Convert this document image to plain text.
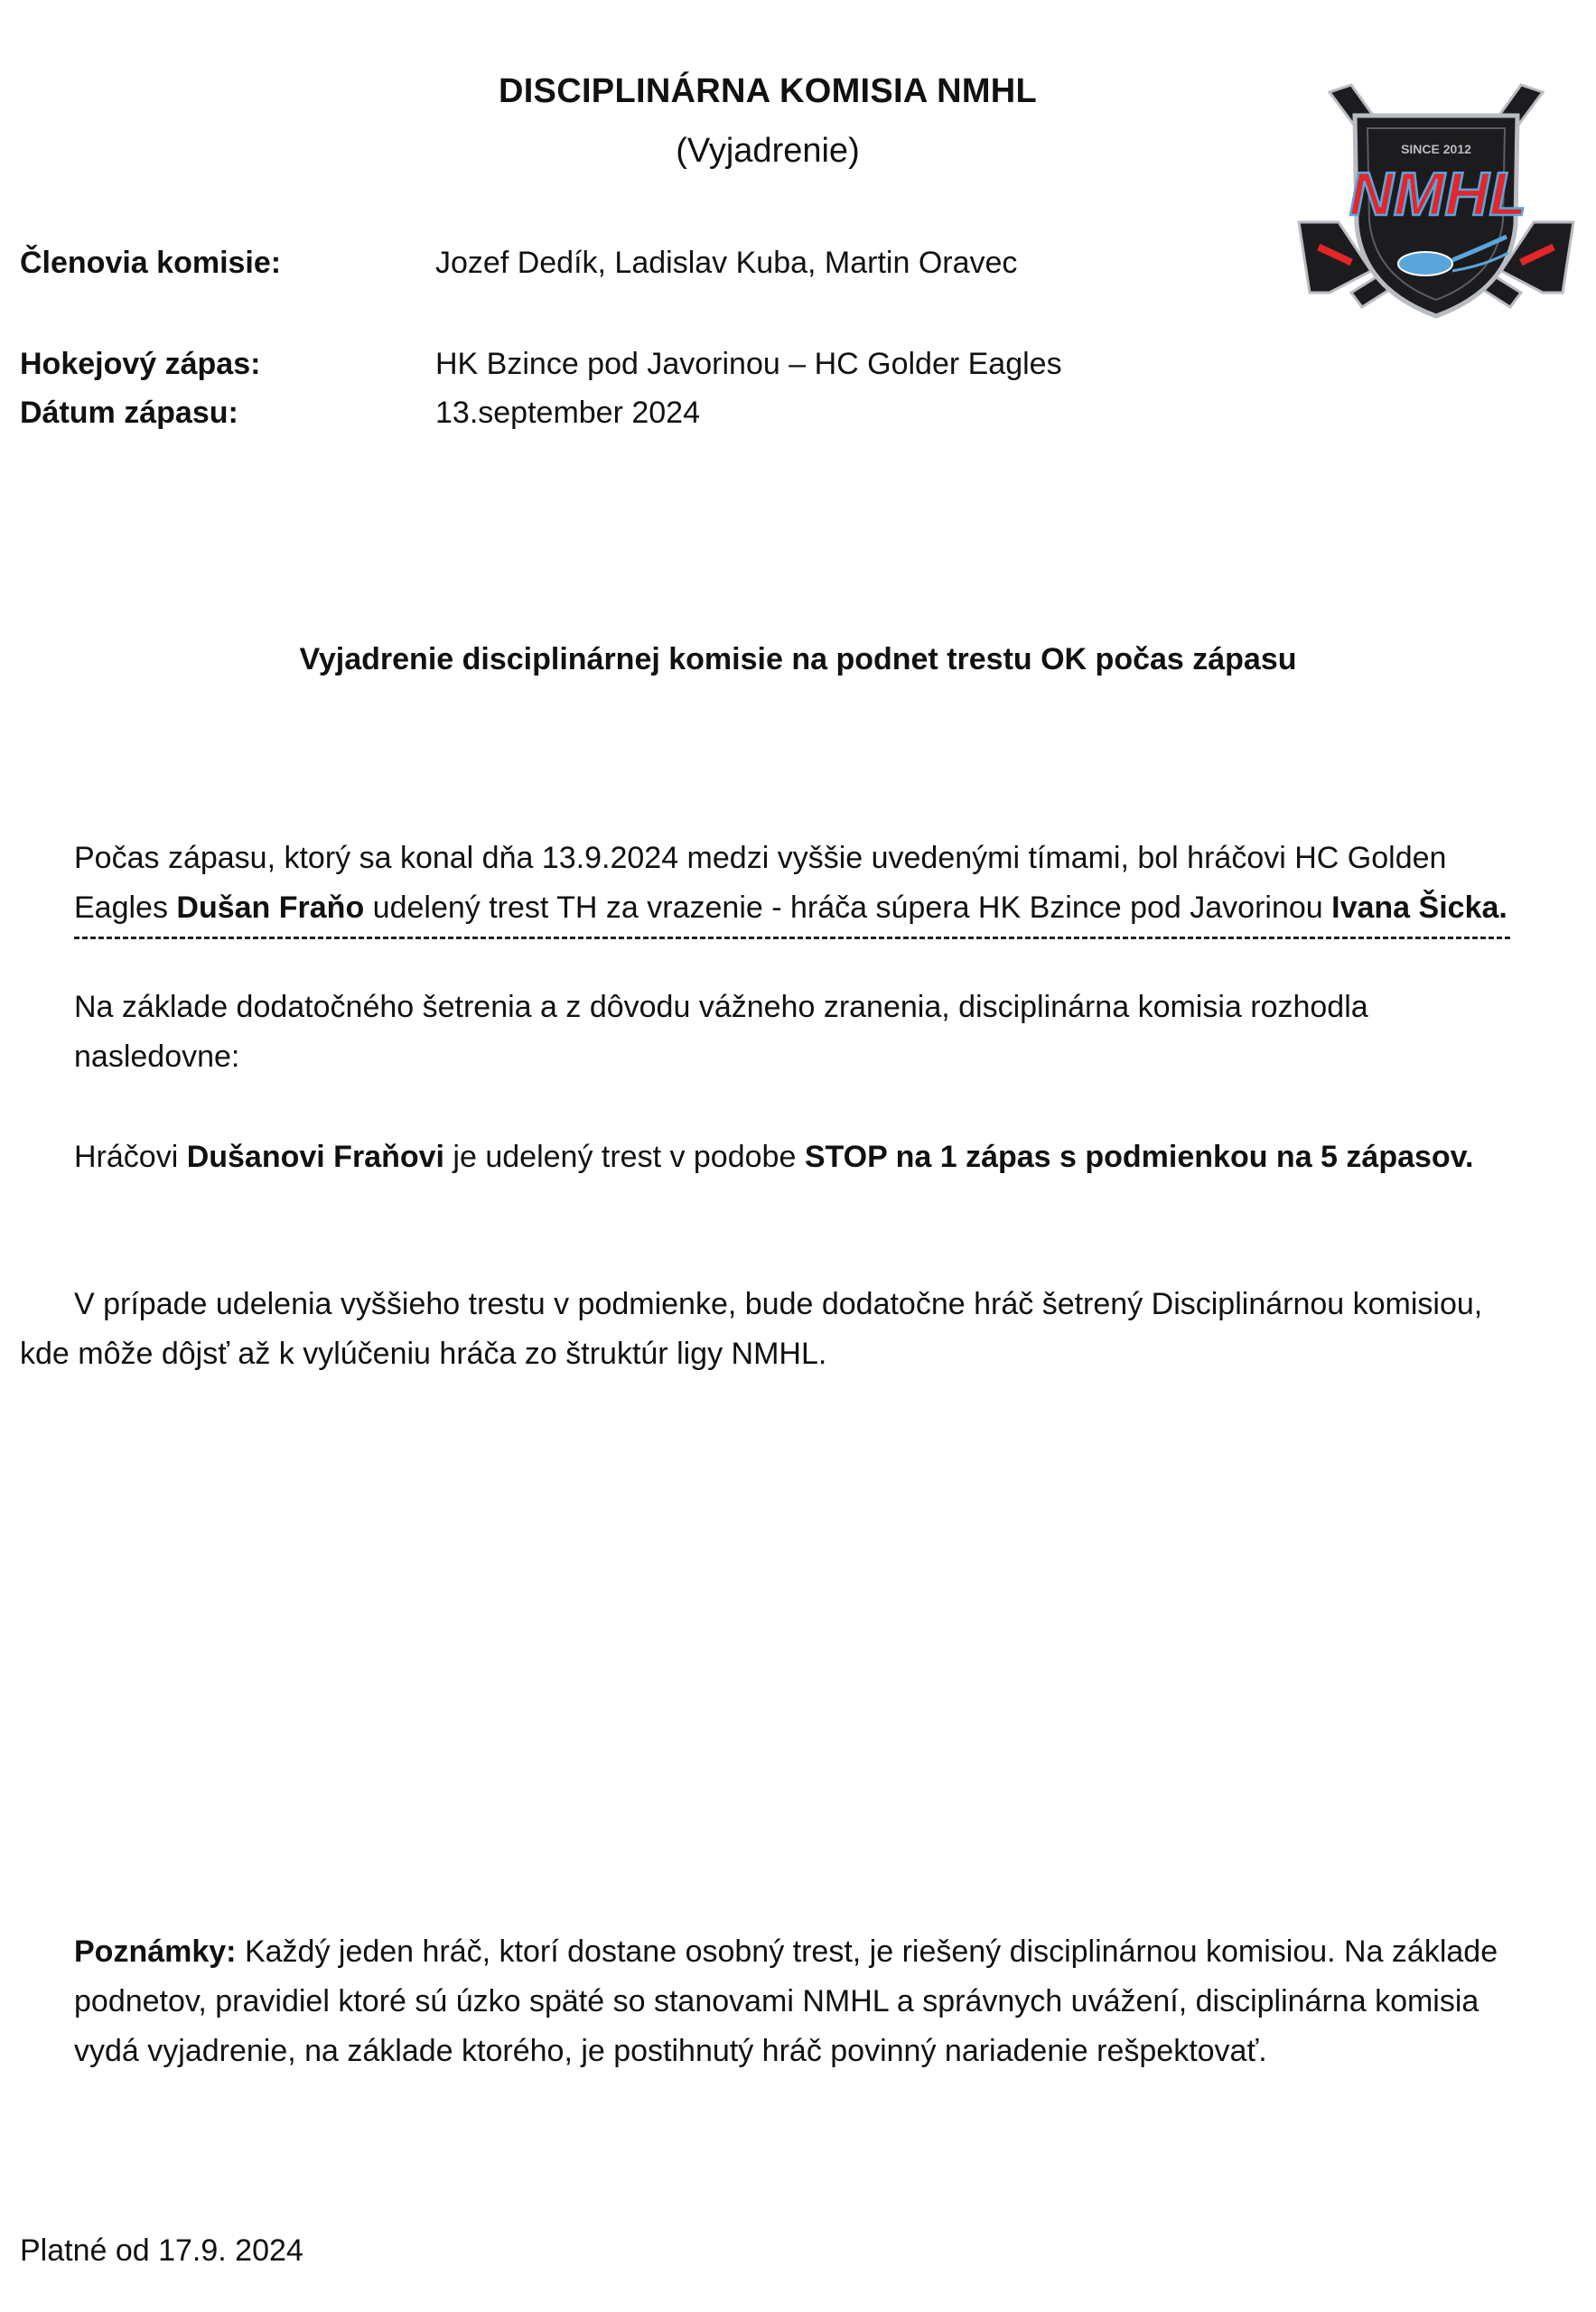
DISCIPLINÁRNA KOMISIA NMHL
(Vyjadrenie)	SINCE 2012
NMHL
Členovia komisie:	Jozef Dedík, Ladislav Kuba, Martin Oravec
Hokejový zápas:	HK Bzince pod Javorinou – HC Golder Eagles
Dátum zápasu:	13.september 2024
Vyjadrenie disciplinárnej komisie na podnet trestu OK počas zápasu
Počas zápasu, ktorý sa konal dňa 13.9.2024 medzi vyššie uvedenými tímami, bol hráčovi HC Golden
Eagles Dušan Fraňo udelený trest TH za vrazenie - hráča súpera HK Bzince pod Javorinou Ivana Šicka.
Na základe dodatočného šetrenia a z dôvodu vážneho zranenia, disciplinárna komisia rozhodla
nasledovne:
Hráčovi Dušanovi Fraňovi je udelený trest v podobe STOP na 1 zápas s podmienkou na 5 zápasov.
V prípade udelenia vyššieho trestu v podmienke, bude dodatočne hráč šetrený Disciplinárnou komisiou,
kde môže dôjsť až k vylúčeniu hráča zo štruktúr ligy NMHL.
Poznámky: Každý jeden hráč, ktorí dostane osobný trest, je riešený disciplinárnou komisiou. Na základe
podnetov, pravidiel ktoré sú úzko späté so stanovami NMHL a správnych uvážení, disciplinárna komisia
vydá vyjadrenie, na základe ktorého, je postihnutý hráč povinný nariadenie rešpektovať.
Platné od 17.9. 2024
